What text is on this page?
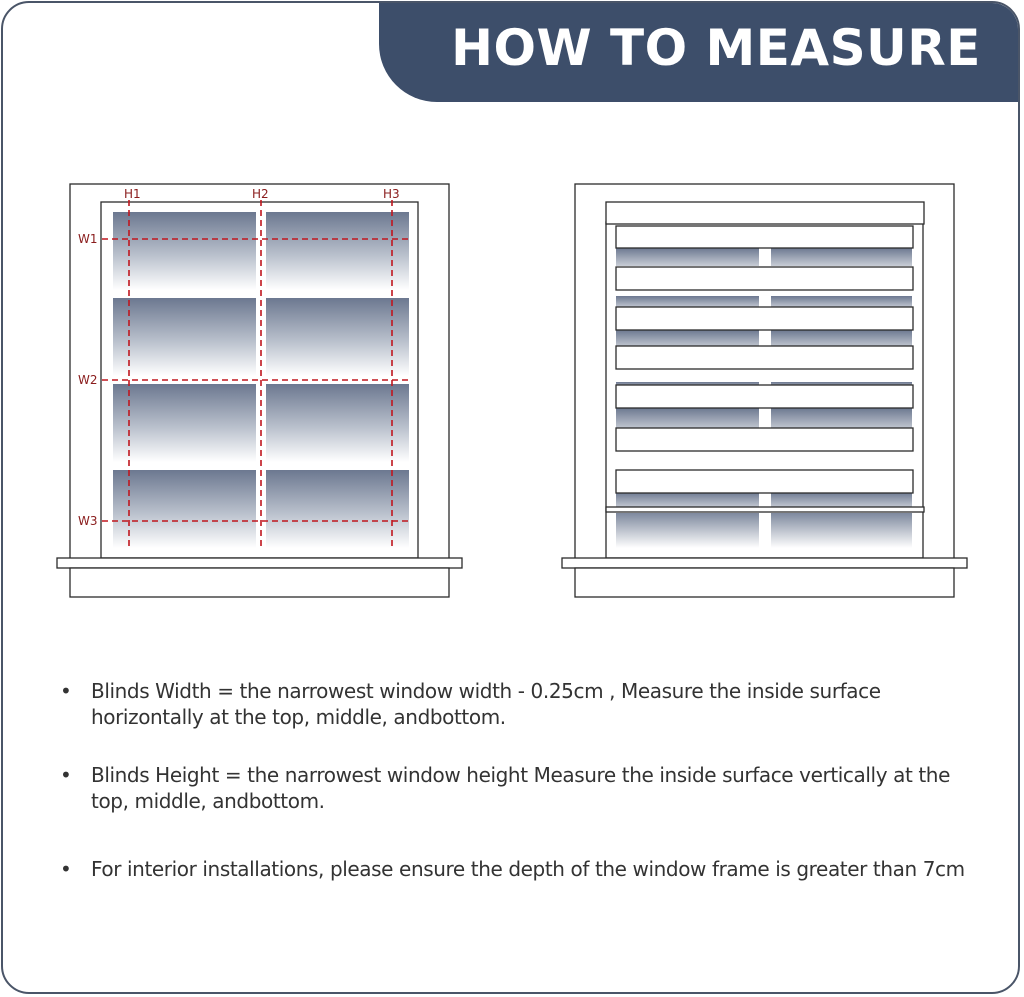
HOW TO MEASURE
H1	H2	H3
W1
W2
W3
• Blinds Width = the narrowest window width - 0.25cm , Measure the inside surface horizontally at the top, middle, andbottom.
• Blinds Height = the narrowest window height Measure the inside surface vertically at the top, middle, andbottom.
• For interior installations, please ensure the depth of the window frame is greater than 7cm
